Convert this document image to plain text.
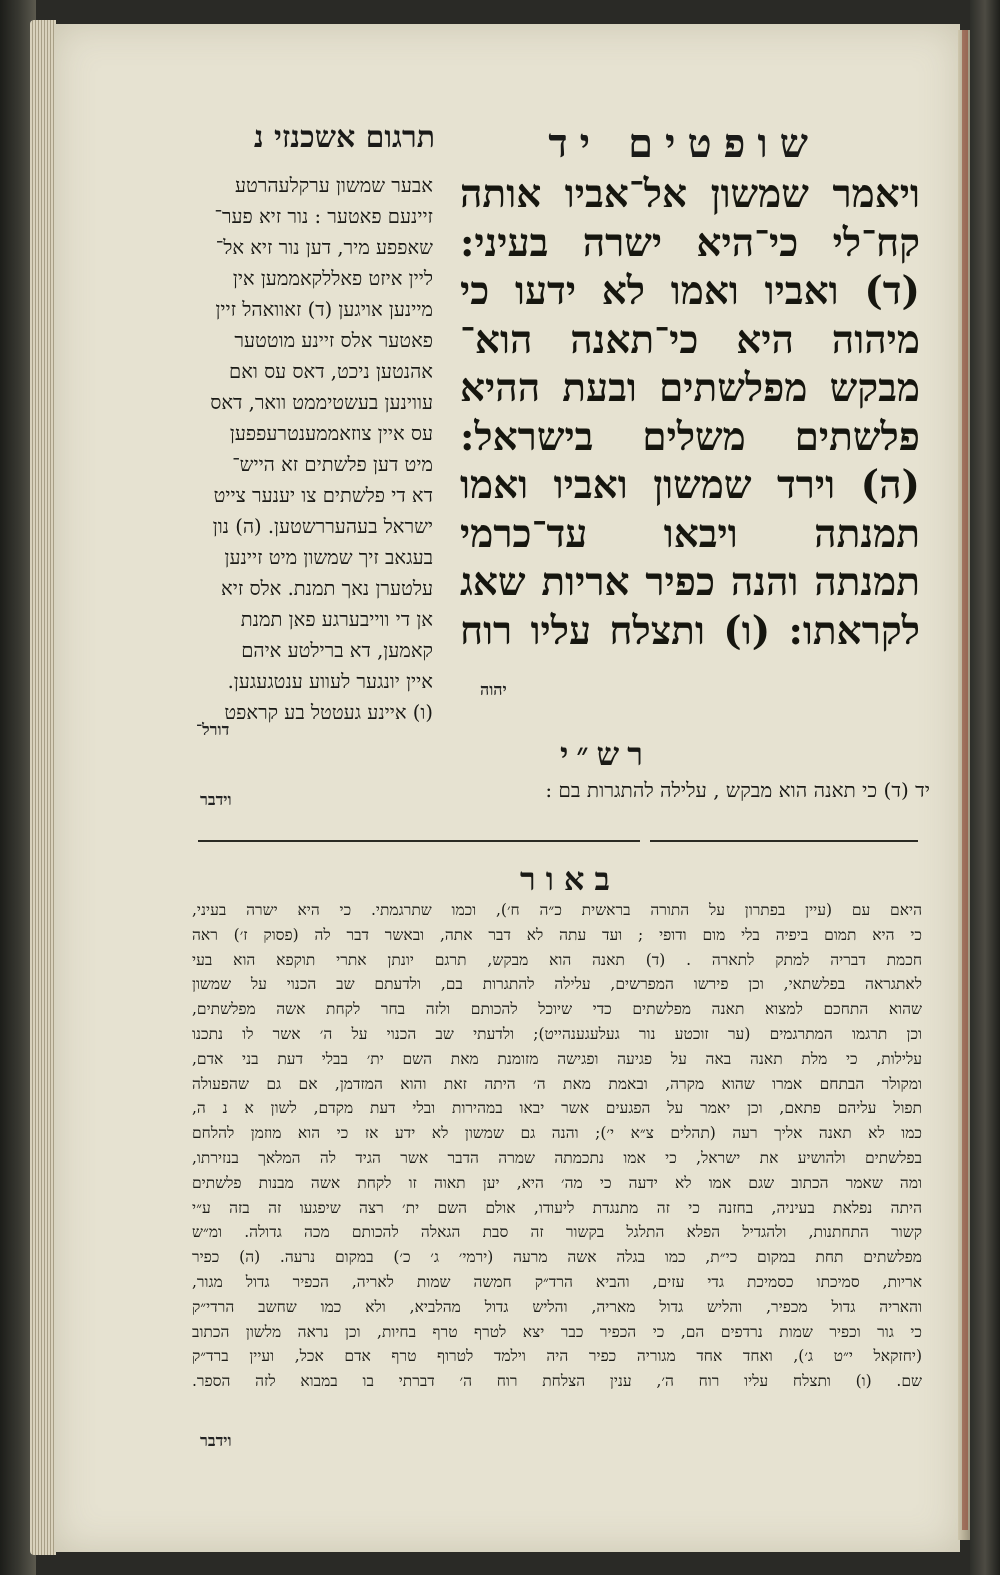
שופטים יד
תרגום אשכנזי נ
ויאמר שמשון אל־אביו אותה
קח־לי כי־היא ישרה בעיני:
(ד) ואביו ואמו לא ידעו כי
מיהוה היא כי־תאנה הוא־
מבקש מפלשתים ובעת ההיא
פלשתים משלים בישראל:
(ה) וירד שמשון ואביו ואמו
תמנתה ויבאו עד־כרמי
תמנתה והנה כפיר אריות שאג
לקראתו: (ו) ותצלח עליו רוח
אבער שמשון ערקלעהרטע
זיינעם פאטער : נור זיא פער־
שאפפע מיר, דען נור זיא אל־
ליין איזט פאללקאממען אין
מיינען אויגען (ד) זאוואהל זיין
פאטער אלס זיינע מוטטער
אהנטען ניכט, דאס עס ואם
עווינען בעשטיממט וואר, דאס
עס איין צוזאממענטרעפפען
מיט דען פלשתים זא הייש־
דא די פלשתים צו יענער צייט
ישראל בעהעררשטען. (ה) נון
בעגאב זיך שמשון מיט זיינען
עלטערן נאך תמנת. אלס זיא
אן די ווייבערגע פאן תמנת
קאמען, דא ברילטע איהם
איין יונגער לעווע ענטגעגען.
(ו) איינע געטטל בע קראפט
יהוה
דורל־
רש״י
יד (ד) כי תאנה הוא מבקש , עלילה להתגרות בם :
וידבר
באור
היאם עם (עיין בפתרון על התורה בראשית כ״ה ח׳), וכמו שתרגמתי. כי היא ישרה בעיני,
כי היא תמום ביפיה בלי מום ודופי ; ועד עתה לא דבר אתה, ובאשר דבר לה (פסוק ז׳) ראה
חכמת דבריה למתק לתארה . (ד) תאנה הוא מבקש, תרגם יונתן אתרי תוקפא הוא בעי
לאתגראה בפלשתאי, וכן פירשו המפרשים, עלילה להתגרות בם, ולדעתם שב הכנוי על שמשון
שהוא התחכם למצוא תאנה מפלשתים כדי שיוכל להכותם ולזה בחר לקחת אשה מפלשתים,
וכן תרגמו המתרגמים (ער זוכטע נור געלעגענהייט); ולדעתי שב הכנוי על ה׳ אשר לו נתכנו
עלילות, כי מלת תאנה באה על פגיעה ופגישה מזומנת מאת השם ית׳ בבלי דעת בני אדם,
ומקולר הבתחם אמרו שהוא מקרה, ובאמת מאת ה׳ היתה זאת והוא המזדמן, אם גם שהפעולה
תפול עליהם פתאם, וכן יאמר על הפגעים אשר יבאו במהירות ובלי דעת מקדם, לשון א נ ה,
כמו לא תאנה אליך רעה (תהלים צ״א י׳); והנה גם שמשון לא ידע אז כי הוא מוזמן להלחם
בפלשתים ולהושיע את ישראל, כי אמו נתכמתה שמרה הדבר אשר הגיד לה המלאך בנזירתו,
ומה שאמר הכתוב שגם אמו לא ידעה כי מה׳ היא, יען תאוה זו לקחת אשה מבנות פלשתים
היתה נפלאת בעיניה, בחזנה כי זה מתנגדת ליעודו, אולם השם ית׳ רצה שיפגעו זה בזה ע״י
קשור התחתנות, ולהגדיל הפלא התלגל בקשור זה סבת הגאלה להכותם מכה גדולה. ומ״ש
מפלשתים תחת במקום כי״ת, כמו בגלה אשה מרעה (ירמי׳ ג׳ כ׳) במקום נרעה. (ה) כפיר
אריות, סמיכתו כסמיכת גדי עזים, והביא הרד״ק חמשה שמות לאריה, הכפיר גדול מגור,
והאריה גדול מכפיר, והליש גדול מאריה, והליש גדול מהלביא, ולא כמו שחשב הרדי״ק
כי גור וכפיר שמות נרדפים הם, כי הכפיר כבר יצא לטרף טרף בחיות, וכן נראה מלשון הכתוב
(יחזקאל י״ט ג׳), ואחד אחד מגוריה כפיר היה וילמד לטרוף טרף אדם אכל, ועיין ברד״ק
שם. (ו) ותצלח עליו רוח ה׳, ענין הצלחת רוח ה׳ דברתי בו במבוא לזה הספר.
וידבר
